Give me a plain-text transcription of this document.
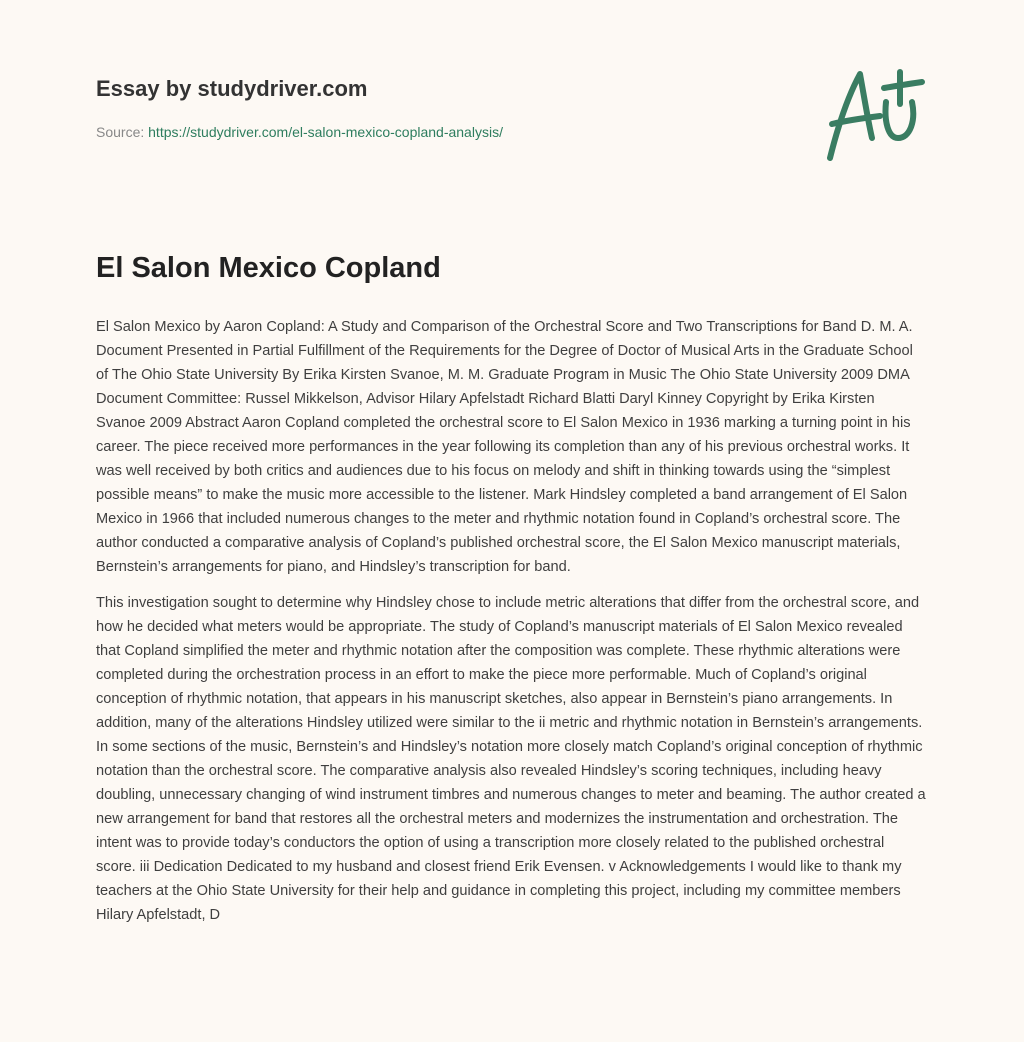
Essay by studydriver.com

Source: https://studydriver.com/el-salon-mexico-copland-analysis/
El Salon Mexico Copland

El Salon Mexico by Aaron Copland: A Study and Comparison of the Orchestral Score and Two Transcriptions for Band D. M. A. Document Presented in Partial Fulfillment of the Requirements for the Degree of Doctor of Musical Arts in the Graduate School of The Ohio State University By Erika Kirsten Svanoe, M. M. Graduate Program in Music The Ohio State University 2009 DMA Document Committee: Russel Mikkelson, Advisor Hilary Apfelstadt Richard Blatti Daryl Kinney Copyright by Erika Kirsten Svanoe 2009 Abstract Aaron Copland completed the orchestral score to El Salon Mexico in 1936 marking a turning point in his career. The piece received more performances in the year following its completion than any of his previous orchestral works. It was well received by both critics and audiences due to his focus on melody and shift in thinking towards using the “simplest possible means” to make the music more accessible to the listener. Mark Hindsley completed a band arrangement of El Salon Mexico in 1966 that included numerous changes to the meter and rhythmic notation found in Copland’s orchestral score. The author conducted a comparative analysis of Copland’s published orchestral score, the El Salon Mexico manuscript materials, Bernstein’s arrangements for piano, and Hindsley’s transcription for band.

This investigation sought to determine why Hindsley chose to include metric alterations that differ from the orchestral score, and how he decided what meters would be appropriate. The study of Copland’s manuscript materials of El Salon Mexico revealed that Copland simplified the meter and rhythmic notation after the composition was complete. These rhythmic alterations were completed during the orchestration process in an effort to make the piece more performable. Much of Copland’s original conception of rhythmic notation, that appears in his manuscript sketches, also appear in Bernstein’s piano arrangements. In addition, many of the alterations Hindsley utilized were similar to the ii metric and rhythmic notation in Bernstein’s arrangements. In some sections of the music, Bernstein’s and Hindsley’s notation more closely match Copland’s original conception of rhythmic notation than the orchestral score. The comparative analysis also revealed Hindsley’s scoring techniques, including heavy doubling, unnecessary changing of wind instrument timbres and numerous changes to meter and beaming. The author created a new arrangement for band that restores all the orchestral meters and modernizes the instrumentation and orchestration. The intent was to provide today’s conductors the option of using a transcription more closely related to the published orchestral score. iii Dedication Dedicated to my husband and closest friend Erik Evensen. v Acknowledgements I would like to thank my teachers at the Ohio State University for their help and guidance in completing this project, including my committee members Hilary Apfelstadt, D
